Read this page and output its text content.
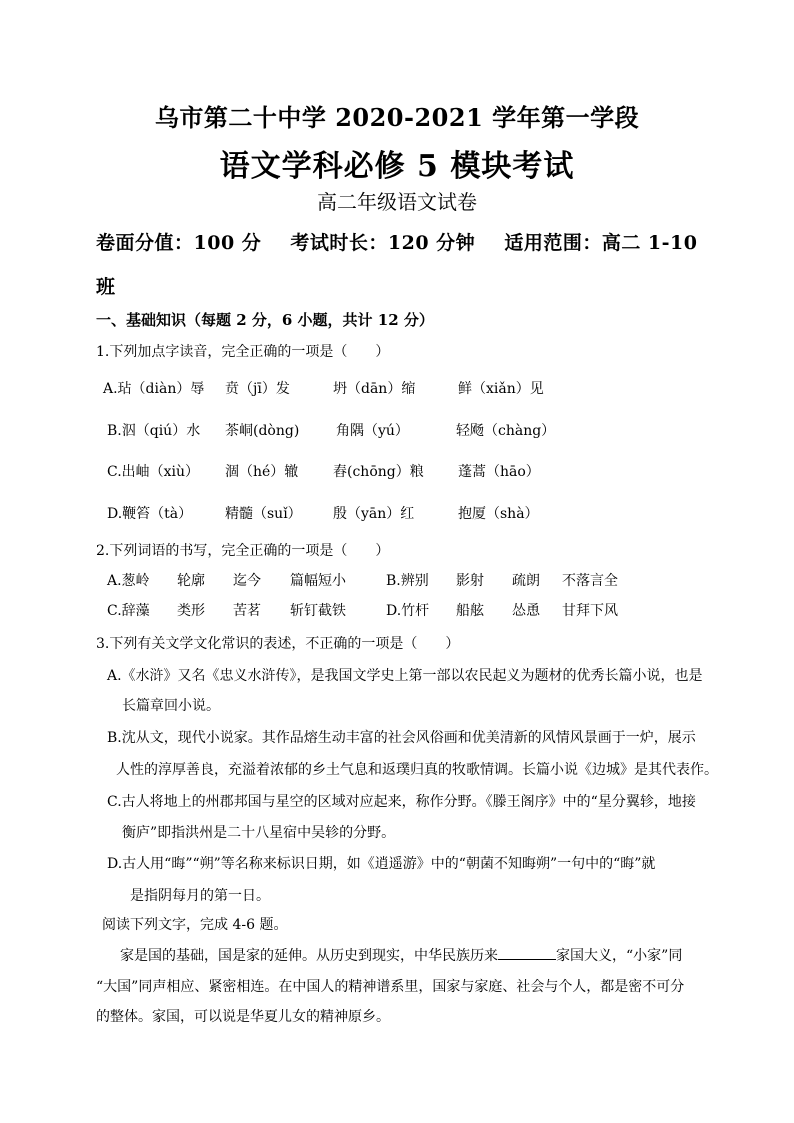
乌市第二十中学 2020-2021 学年第一学段
语文学科必修 5 模块考试
高二年级语文试卷
卷面分值：100 分 考试时长：120 分钟 适用范围：高二 1-10
班
一、基础知识（每题 2 分，6 小题，共计 12 分）
1.下列加点字读音，完全正确的一项是（　　）
A.玷（diàn）辱 贲（jī）发	坍（dān）缩	鲜（xiǎn）见
B.泅（qiú）水 茶峒(dòng)	角隅（yú）	轻飏（chàng）
C.出岫（xiù） 涸（hé）辙 舂(chōng）粮 蓬蒿（hāo）
D.鞭笞（tà） 精髓（suǐ） 殷（yān）红	抱厦（shà）
2.下列词语的书写，完全正确的一项是（　　）
A.葱岭 轮廓 迄今 篇幅短小	B.辨别 影射 疏朗 不落言全
C.辞藻 类形 苦茗 斩钉截铁	D.竹杆 船舷 怂恿 甘拜下风
3.下列有关文学文化常识的表述，不正确的一项是（　　）
A.《水浒》又名《忠义水浒传》，是我国文学史上第一部以农民起义为题材的优秀长篇小说，也是
长篇章回小说。
B.沈从文，现代小说家。其作品熔生动丰富的社会风俗画和优美清新的风情风景画于一炉，展示
人性的淳厚善良，充溢着浓郁的乡土气息和返璞归真的牧歌情调。长篇小说《边城》是其代表作。
C.古人将地上的州郡邦国与星空的区域对应起来，称作分野。《滕王阁序》中的“星分翼轸，地接
衡庐”即指洪州是二十八星宿中吴轸的分野。
D.古人用“晦”“朔”等名称来标识日期，如《逍遥游》中的“朝菌不知晦朔”一句中的“晦”就
是指阴每月的第一日。
阅读下列文字，完成 4-6 题。
家是国的基础，国是家的延伸。从历史到现实，中华民族历来	家国大义，“小家”同
“大国”同声相应、紧密相连。在中国人的精神谱系里，国家与家庭、社会与个人，都是密不可分
的整体。家国，可以说是华夏儿女的精神原乡。
